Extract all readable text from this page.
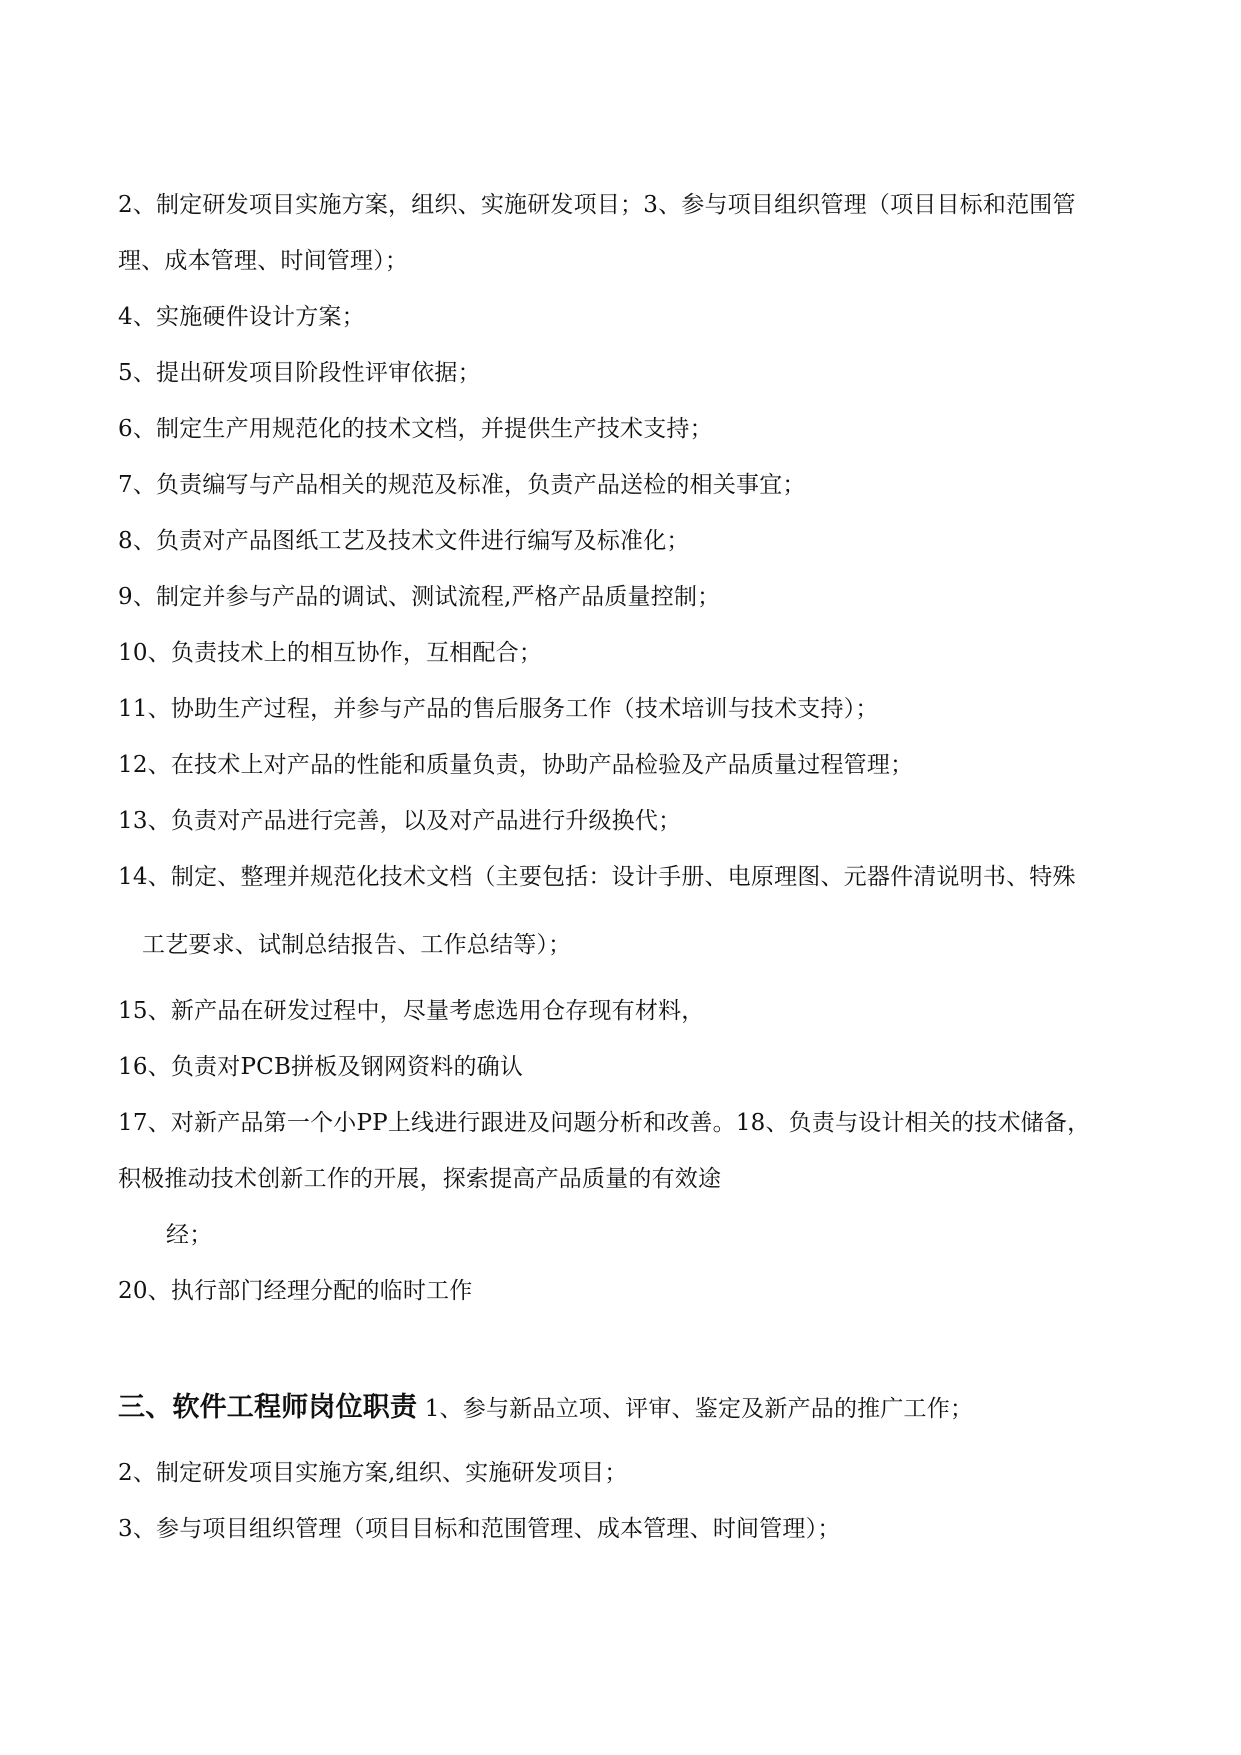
2、制定研发项目实施方案，组织、实施研发项目；3、参与项目组织管理（项目目标和范围管
理、成本管理、时间管理）；
4、实施硬件设计方案；
5、提出研发项目阶段性评审依据；
6、制定生产用规范化的技术文档，并提供生产技术支持；
7、负责编写与产品相关的规范及标准，负责产品送检的相关事宜；
8、负责对产品图纸工艺及技术文件进行编写及标准化；
9、制定并参与产品的调试、测试流程,严格产品质量控制；
10、负责技术上的相互协作，互相配合；
11、协助生产过程，并参与产品的售后服务工作（技术培训与技术支持）；
12、在技术上对产品的性能和质量负责，协助产品检验及产品质量过程管理；
13、负责对产品进行完善，以及对产品进行升级换代；
14、制定、整理并规范化技术文档（主要包括：设计手册、电原理图、元器件清说明书、特殊
工艺要求、试制总结报告、工作总结等）；
15、新产品在研发过程中，尽量考虑选用仓存现有材料，
16、负责对PCB拼板及钢网资料的确认
17、对新产品第一个小PP上线进行跟进及问题分析和改善。18、负责与设计相关的技术储备，
积极推动技术创新工作的开展，探索提高产品质量的有效途
经；
20、执行部门经理分配的临时工作
三、软件工程师岗位职责 1、参与新品立项、评审、鉴定及新产品的推广工作；
2、制定研发项目实施方案,组织、实施研发项目；
3、参与项目组织管理（项目目标和范围管理、成本管理、时间管理）；
